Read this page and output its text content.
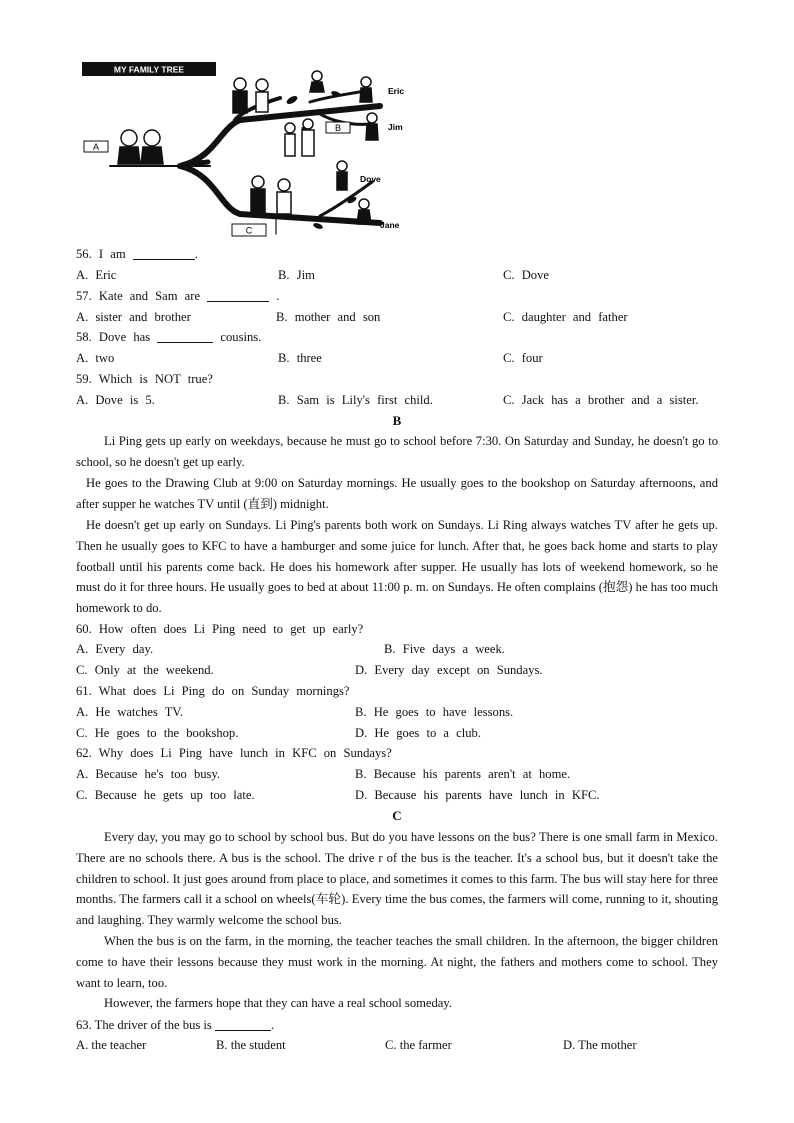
MY FAMILY TREE
A
B
C
Eric
Jim
Dove
Jane
56. I am	.
A. Eric	B. Jim	C. Dove
57. Kate and Sam are	.
A. sister and brother	B. mother and son	C. daughter and father
58. Dove has	cousins.
A. two	B. three	C. four
59. Which is NOT true?
A. Dove is 5.	B. Sam is Lily's first child.	C. Jack has a brother and a sister.
B
Li Ping gets up early on weekdays, because he must go to school before 7:30. On Saturday and Sunday, he doesn't go to school, so he doesn't get up early.
He goes to the Drawing Club at 9:00 on Saturday mornings. He usually goes to the bookshop on Saturday afternoons, and after supper he watches TV until (直到) midnight.
He doesn't get up early on Sundays. Li Ping's parents both work on Sundays. Li Ring always watches TV after he gets up. Then he usually goes to KFC to have a hamburger and some juice for lunch. After that, he goes back home and starts to play football until his parents come back. He does his homework after supper. He usually has lots of weekend homework, so he must do it for three hours. He usually goes to bed at about 11:00 p. m. on Sundays. He often complains (抱怨) he has too much homework to do.
60. How often does Li Ping need to get up early?
A. Every day.	B. Five days a week.
C. Only at the weekend.	D. Every day except on Sundays.
61. What does Li Ping do on Sunday mornings?
A. He watches TV.	B. He goes to have lessons.
C. He goes to the bookshop.	D. He goes to a club.
62. Why does Li Ping have lunch in KFC on Sundays?
A. Because he's too busy.	B. Because his parents aren't at home.
C. Because he gets up too late.	D. Because his parents have lunch in KFC.
C
Every day, you may go to school by school bus. But do you have lessons on the bus? There is one small farm in Mexico. There are no schools there. A bus is the school. The drive r of the bus is the teacher. It's a school bus, but it doesn't take the children to school. It just goes around from place to place, and sometimes it comes to this farm. The bus will stay here for three months. The farmers call it a school on wheels(车轮). Every time the bus comes, the farmers will come, running to it, shouting and laughing. They warmly welcome the school bus.
When the bus is on the farm, in the morning, the teacher teaches the small children. In the afternoon, the bigger children come to have their lessons because they must work in the morning. At night, the fathers and mothers come to school. They want to learn, too.
However, the farmers hope that they can have a real school someday.
63. The driver of the bus is	.
A. the teacher	B. the student	C. the farmer	D. The mother
